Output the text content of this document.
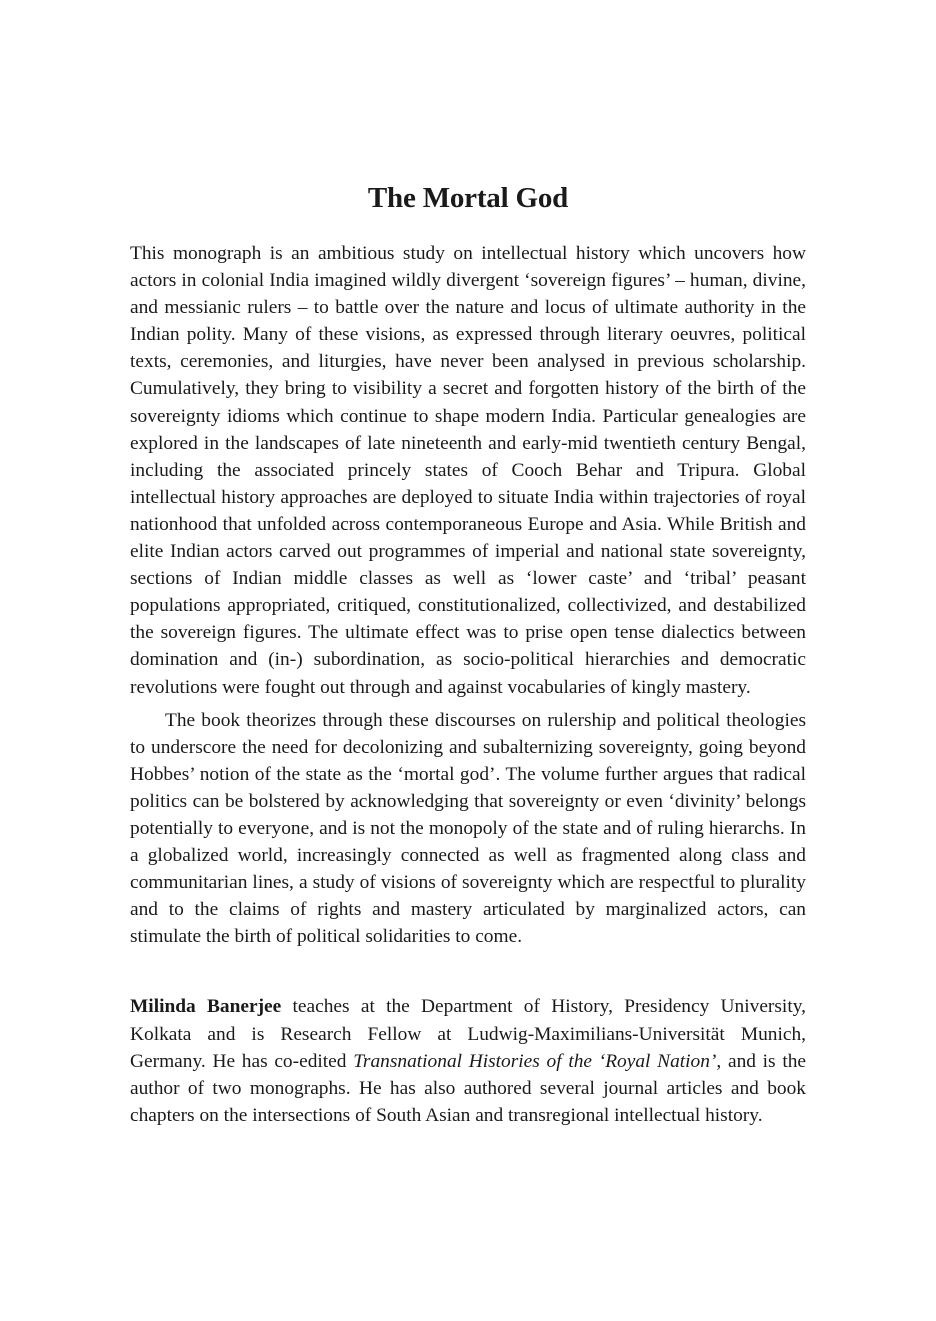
The Mortal God

This monograph is an ambitious study on intellectual history which uncovers how actors in colonial India imagined wildly divergent ‘sovereign figures’ – human, divine, and messianic rulers – to battle over the nature and locus of ultimate authority in the Indian polity. Many of these visions, as expressed through literary oeuvres, political texts, ceremonies, and liturgies, have never been analysed in previous scholarship. Cumulatively, they bring to visibility a secret and forgotten history of the birth of the sovereignty idioms which continue to shape modern India. Particular genealogies are explored in the landscapes of late nineteenth and early-mid twentieth century Bengal, including the associated princely states of Cooch Behar and Tripura. Global intellectual history approaches are deployed to situate India within trajectories of royal nationhood that unfolded across contemporaneous Europe and Asia. While British and elite Indian actors carved out programmes of imperial and national state sovereignty, sections of Indian middle classes as well as ‘lower caste’ and ‘tribal’ peasant populations appropriated, critiqued, constitutionalized, collectivized, and destabilized the sovereign figures. The ultimate effect was to prise open tense dialectics between domination and (in-) subordination, as socio-political hierarchies and democratic revolutions were fought out through and against vocabularies of kingly mastery.

The book theorizes through these discourses on rulership and political theologies to underscore the need for decolonizing and subalternizing sovereignty, going beyond Hobbes’ notion of the state as the ‘mortal god’. The volume further argues that radical politics can be bolstered by acknowledging that sovereignty or even ‘divinity’ belongs potentially to everyone, and is not the monopoly of the state and of ruling hierarchs. In a globalized world, increasingly connected as well as fragmented along class and communitarian lines, a study of visions of sovereignty which are respectful to plurality and to the claims of rights and mastery articulated by marginalized actors, can stimulate the birth of political solidarities to come.

Milinda Banerjee teaches at the Department of History, Presidency University, Kolkata and is Research Fellow at Ludwig-Maximilians-Universität Munich, Germany. He has co-edited Transnational Histories of the ‘Royal Nation’, and is the author of two monographs. He has also authored several journal articles and book chapters on the intersections of South Asian and transregional intellectual history.
